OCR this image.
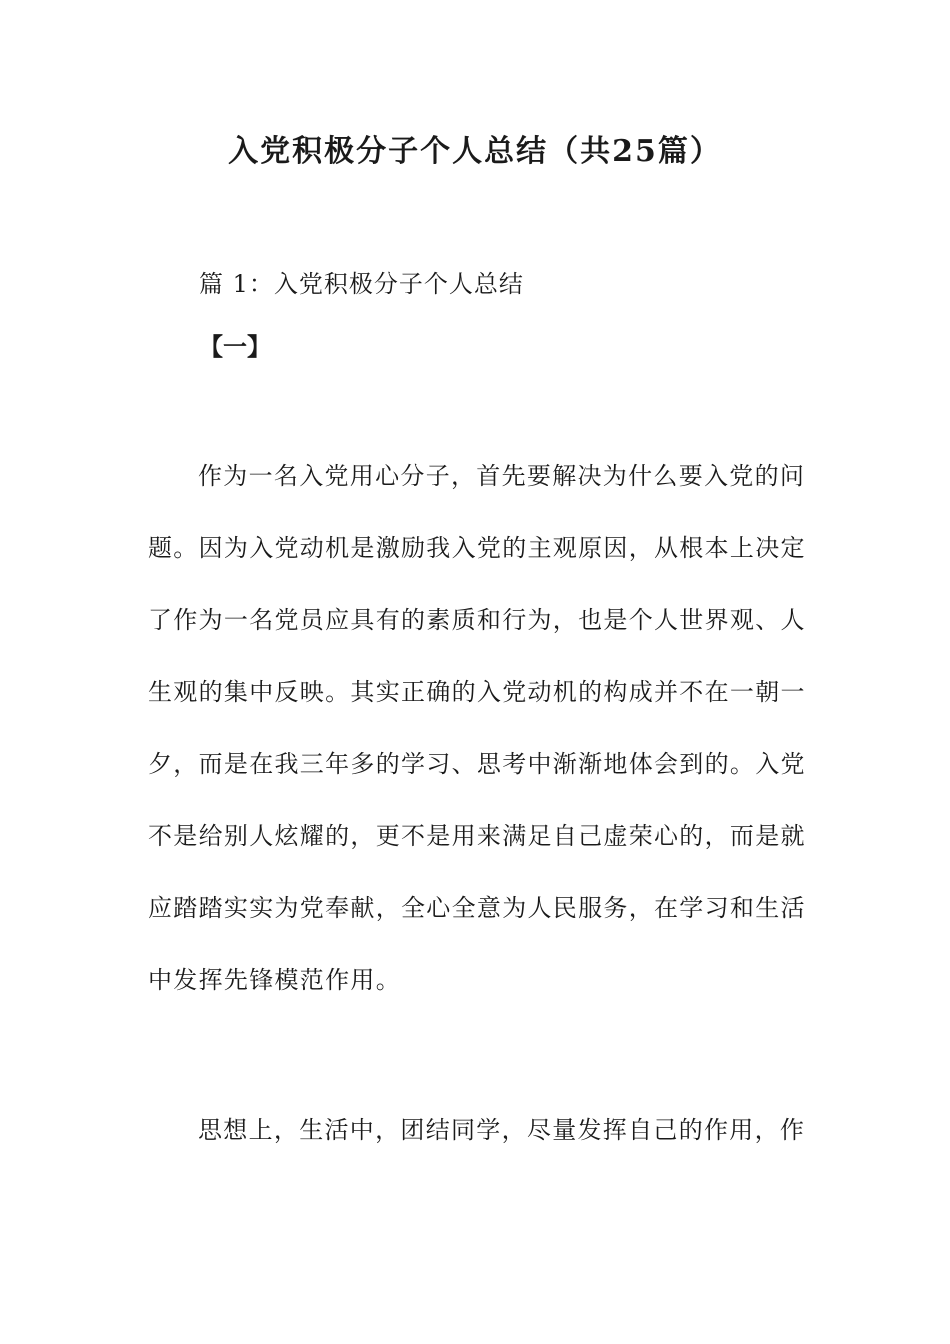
入党积极分子个人总结（共25篇）
篇 1：入党积极分子个人总结
【一】

作为一名入党用心分子，首先要解决为什么要入党的问题。因为入党动机是激励我入党的主观原因，从根本上决定了作为一名党员应具有的素质和行为，也是个人世界观、人生观的集中反映。其实正确的入党动机的构成并不在一朝一夕，而是在我三年多的学习、思考中渐渐地体会到的。入党不是给别人炫耀的，更不是用来满足自己虚荣心的，而是就应踏踏实实为党奉献，全心全意为人民服务，在学习和生活中发挥先锋模范作用。

思想上，生活中，团结同学，尽量发挥自己的作用，作
